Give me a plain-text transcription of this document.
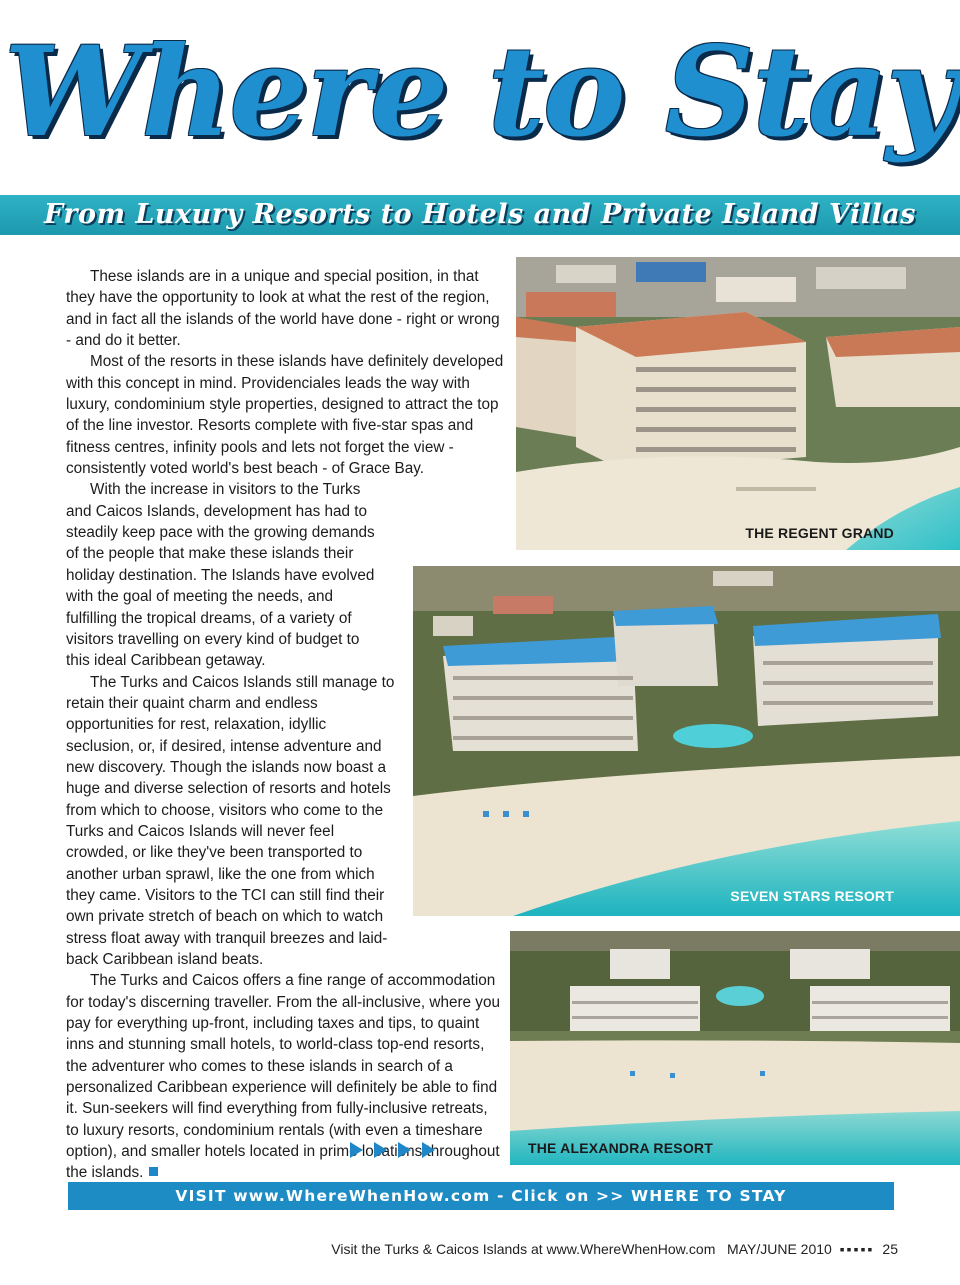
Where to Stay
From Luxury Resorts to Hotels and Private Island Villas

These islands are in a unique and special position, in that they have the opportunity to look at what the rest of the region, and in fact all the islands of the world have done - right or wrong - and do it better.

Most of the resorts in these islands have definitely developed with this concept in mind. Providenciales leads the way with luxury, condominium style properties, designed to attract the top of the line investor. Resorts complete with five-star spas and fitness centres, infinity pools and lets not forget the view - consistently voted world's best beach - of Grace Bay.

With the increase in visitors to the Turks and Caicos Islands, development has had to steadily keep pace with the growing demands of the people that make these islands their holiday destination. The Islands have evolved with the goal of meeting the needs, and fulfilling the tropical dreams, of a variety of visitors travelling on every kind of budget to this ideal Caribbean getaway.

The Turks and Caicos Islands still manage to retain their quaint charm and endless opportunities for rest, relaxation, idyllic seclusion, or, if desired, intense adventure and new discovery. Though the islands now boast a huge and diverse selection of resorts and hotels from which to choose, visitors who come to the Turks and Caicos Islands will never feel crowded, or like they've been transported to another urban sprawl, like the one from which they came. Visitors to the TCI can still find their own private stretch of beach on which to watch stress float away with tranquil breezes and laid-back Caribbean island beats.

The Turks and Caicos offers a fine range of accommodation for today's discerning traveller. From the all-inclusive, where you pay for everything up-front, including taxes and tips, to quaint inns and stunning small hotels, to world-class top-end resorts, the adventurer who comes to these islands in search of a personalized Caribbean experience will definitely be able to find it. Sun-seekers will find everything from fully-inclusive retreats, to luxury resorts, condominium rentals (with even a timeshare option), and smaller hotels located in prime locations throughout the islands.

THE REGENT GRAND
SEVEN STARS RESORT
THE ALEXANDRA RESORT
VISIT www.WhereWhenHow.com - Click on >> WHERE TO STAY
Visit the Turks & Caicos Islands at www.WhereWhenHow.com MAY/JUNE 2010 ▪▪▪▪▪ 25
